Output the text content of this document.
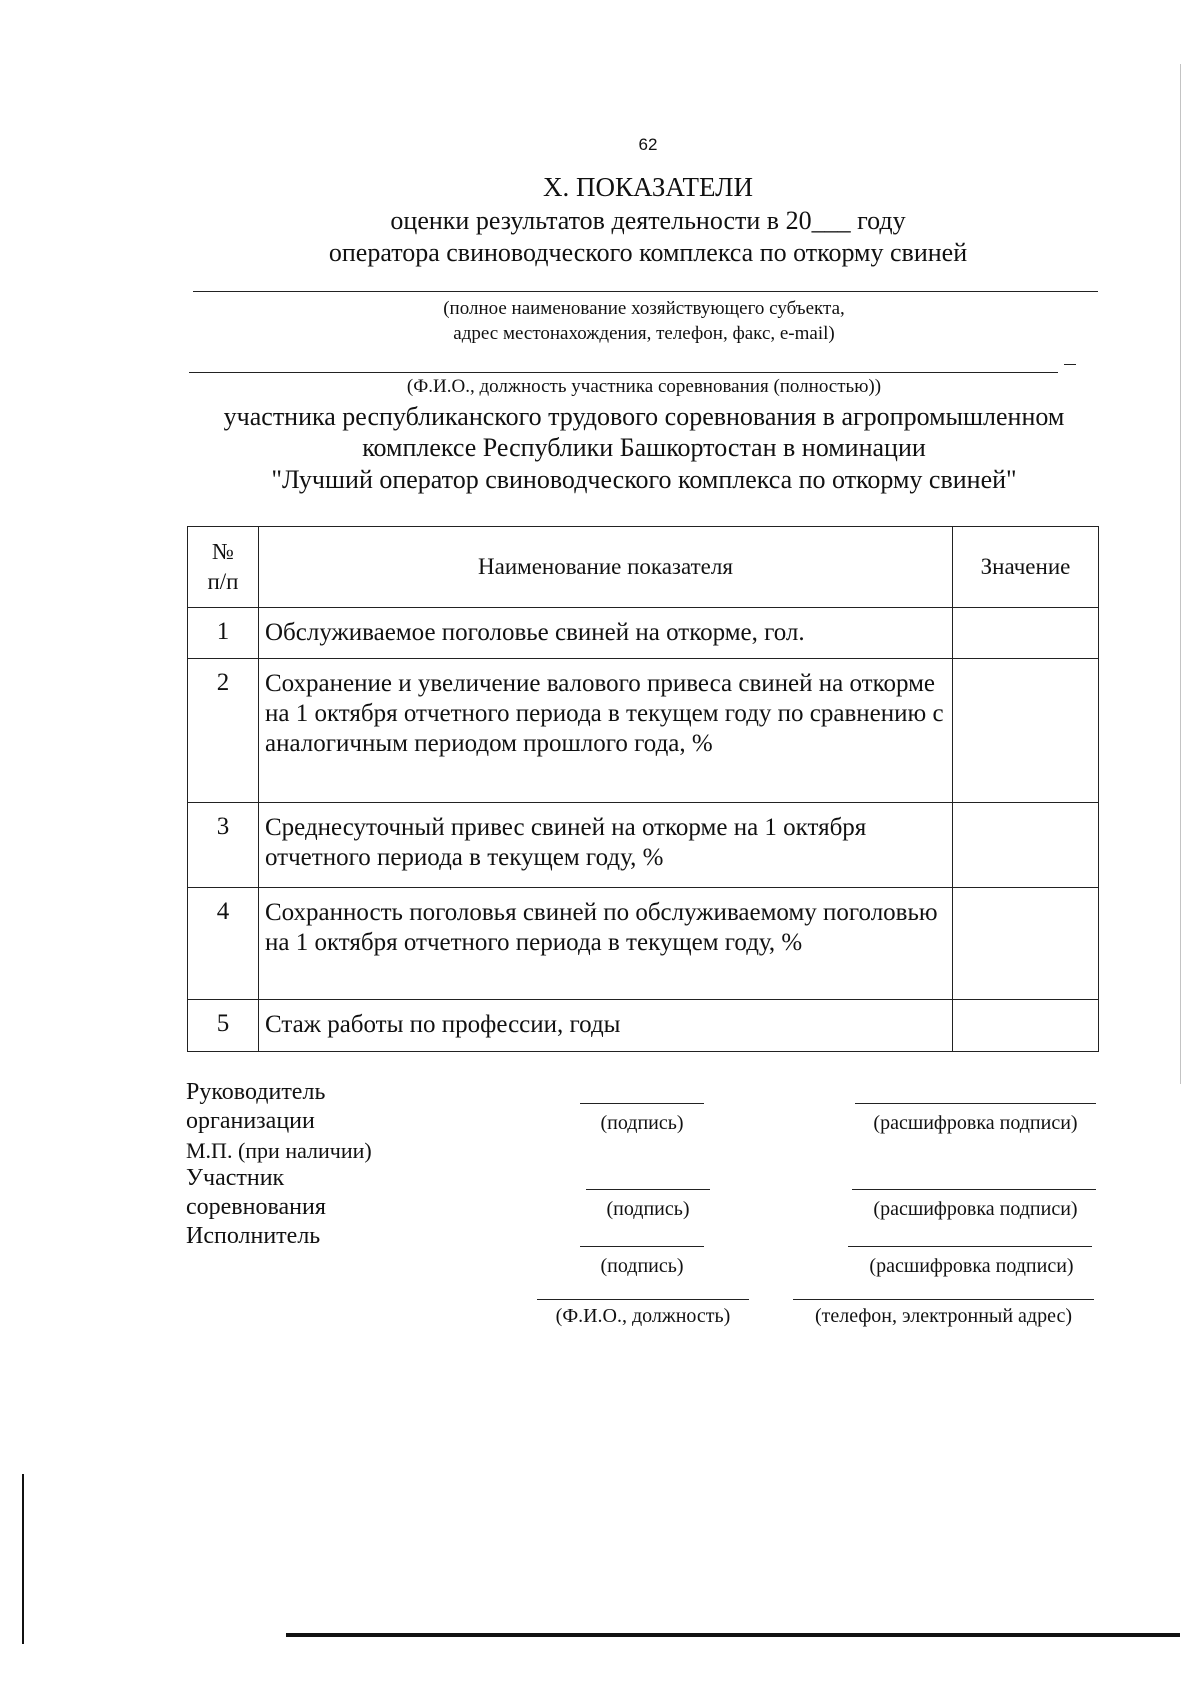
62
X. ПОКАЗАТЕЛИ
оценки результатов деятельности в 20___ году
оператора свиноводческого комплекса по откорму свиней
(полное наименование хозяйствующего субъекта,
адрес местонахождения, телефон, факс, e-mail)
(Ф.И.О., должность участника соревнования (полностью))
участника республиканского трудового соревнования в агропромышленном
комплексе Республики Башкортостан в номинации
"Лучший оператор свиноводческого комплекса по откорму свиней"
№
п/п	Наименование показателя	Значение
1	Обслуживаемое поголовье свиней на откорме, гол.	
2	Сохранение и увеличение валового привеса свиней на откорме на 1 октября отчетного периода в текущем году по сравнению с аналогичным периодом прошлого года, %	
3	Среднесуточный привес свиней на откорме на 1 октября отчетного периода в текущем году, %	
4	Сохранность поголовья свиней по обслуживаемому поголовью на 1 октября отчетного периода в текущем году, %	
5	Стаж работы по профессии, годы	
Руководитель
организации
М.П. (при наличии)
Участник
соревнования
Исполнитель
(подпись)	(расшифровка подписи)
(подпись)	(расшифровка подписи)
(подпись)	(расшифровка подписи)
(Ф.И.О., должность)	(телефон, электронный адрес)
